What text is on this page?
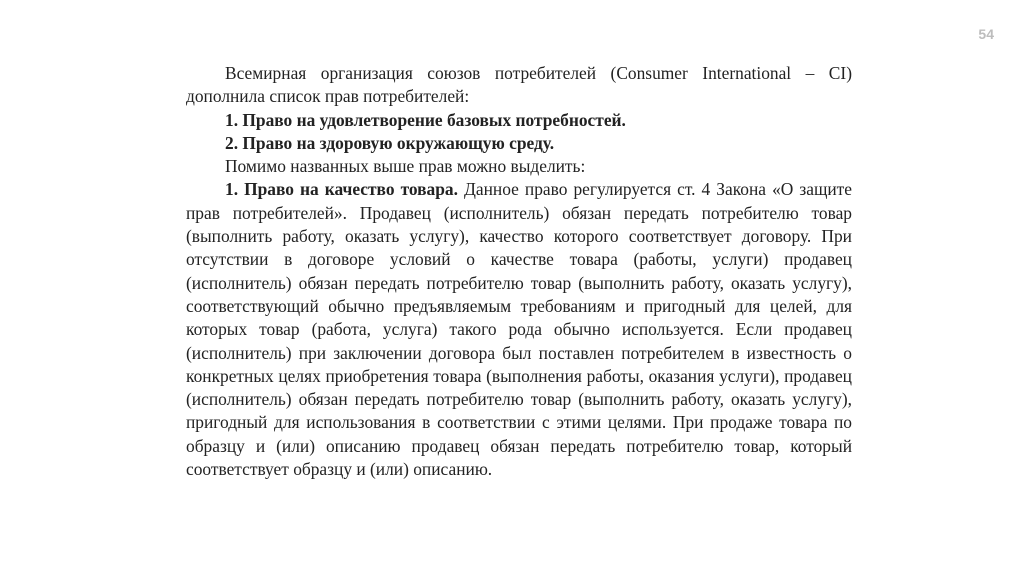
54

Всемирная организация союзов потребителей (Consumer International – CI) дополнила список прав потребителей:

1. Право на удовлетворение базовых потребностей.

2. Право на здоровую окружающую среду.

Помимо названных выше прав можно выделить:

1. Право на качество товара. Данное право регулируется ст. 4 Закона «О защите прав потребителей». Продавец (исполнитель) обязан передать потребителю товар (выполнить работу, оказать услугу), качество которого соответствует договору. При отсутствии в договоре условий о качестве товара (работы, услуги) продавец (исполнитель) обязан передать потребителю товар (выполнить работу, оказать услугу), соответствующий обычно предъявляемым требованиям и пригодный для целей, для которых товар (работа, услуга) такого рода обычно используется. Если продавец (исполнитель) при заключении договора был поставлен потребителем в известность о конкретных целях приобретения товара (выполнения работы, оказания услуги), продавец (исполнитель) обязан передать потребителю товар (выполнить работу, оказать услугу), пригодный для использования в соответствии с этими целями. При продаже товара по образцу и (или) описанию продавец обязан передать потребителю товар, который соответствует образцу и (или) описанию.
